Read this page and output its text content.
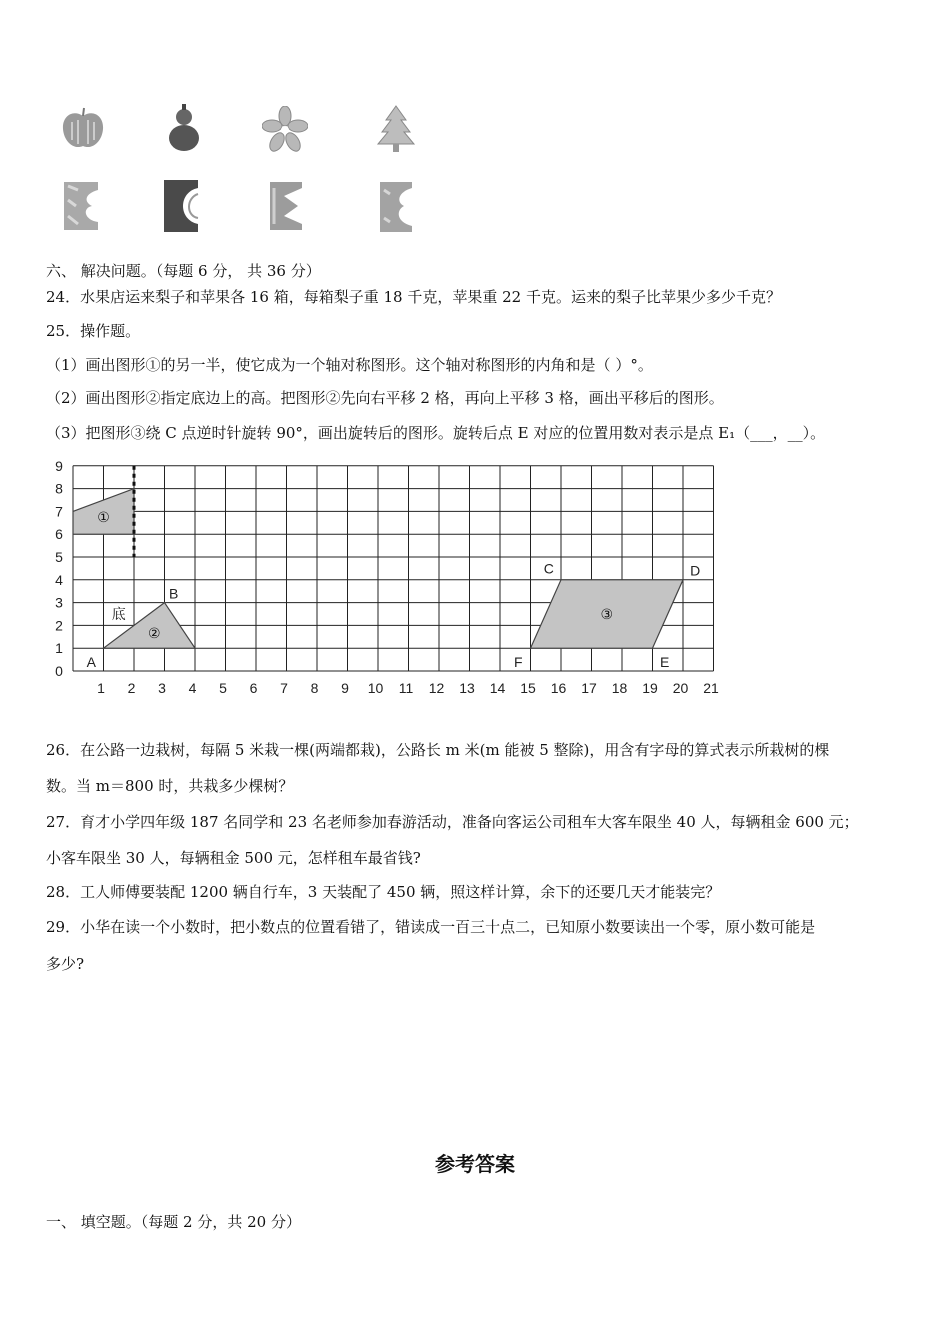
六、 解决问题。（每题 6 分， 共 36 分）
24．水果店运来梨子和苹果各 16 箱，每箱梨子重 18 千克，苹果重 22 千克。运来的梨子比苹果少多少千克？
25．操作题。
（1）画出图形①的另一半，使它成为一个轴对称图形。这个轴对称图形的内角和是（ ）°。
（2）画出图形②指定底边上的高。把图形②先向右平移 2 格，再向上平移 3 格，画出平移后的图形。
（3）把图形③绕 C 点逆时针旋转 90°，画出旋转后的图形。旋转后点 E 对应的位置用数对表示是点 E₁（___，__）。
①
②
③
A
B
C	D
E
F
底
1 2 3 4 5 6 7 8 9 10 11 12 13 14 15 16 17 18 19 20 21
0
1
2
3
4
5
6
7
8
9
26．在公路一边栽树，每隔 5 米栽一棵(两端都栽)，公路长 m 米(m 能被 5 整除)，用含有字母的算式表示所栽树的棵
数。当 m＝800 时，共栽多少棵树？
27．育才小学四年级 187 名同学和 23 名老师参加春游活动，准备向客运公司租车大客车限坐 40 人，每辆租金 600 元；
小客车限坐 30 人，每辆租金 500 元，怎样租车最省钱?
28．工人师傅要装配 1200 辆自行车，3 天装配了 450 辆，照这样计算，余下的还要几天才能装完？
29．小华在读一个小数时，把小数点的位置看错了，错读成一百三十点二，已知原小数要读出一个零，原小数可能是
多少?
参考答案
一、 填空题。（每题 2 分，共 20 分）
